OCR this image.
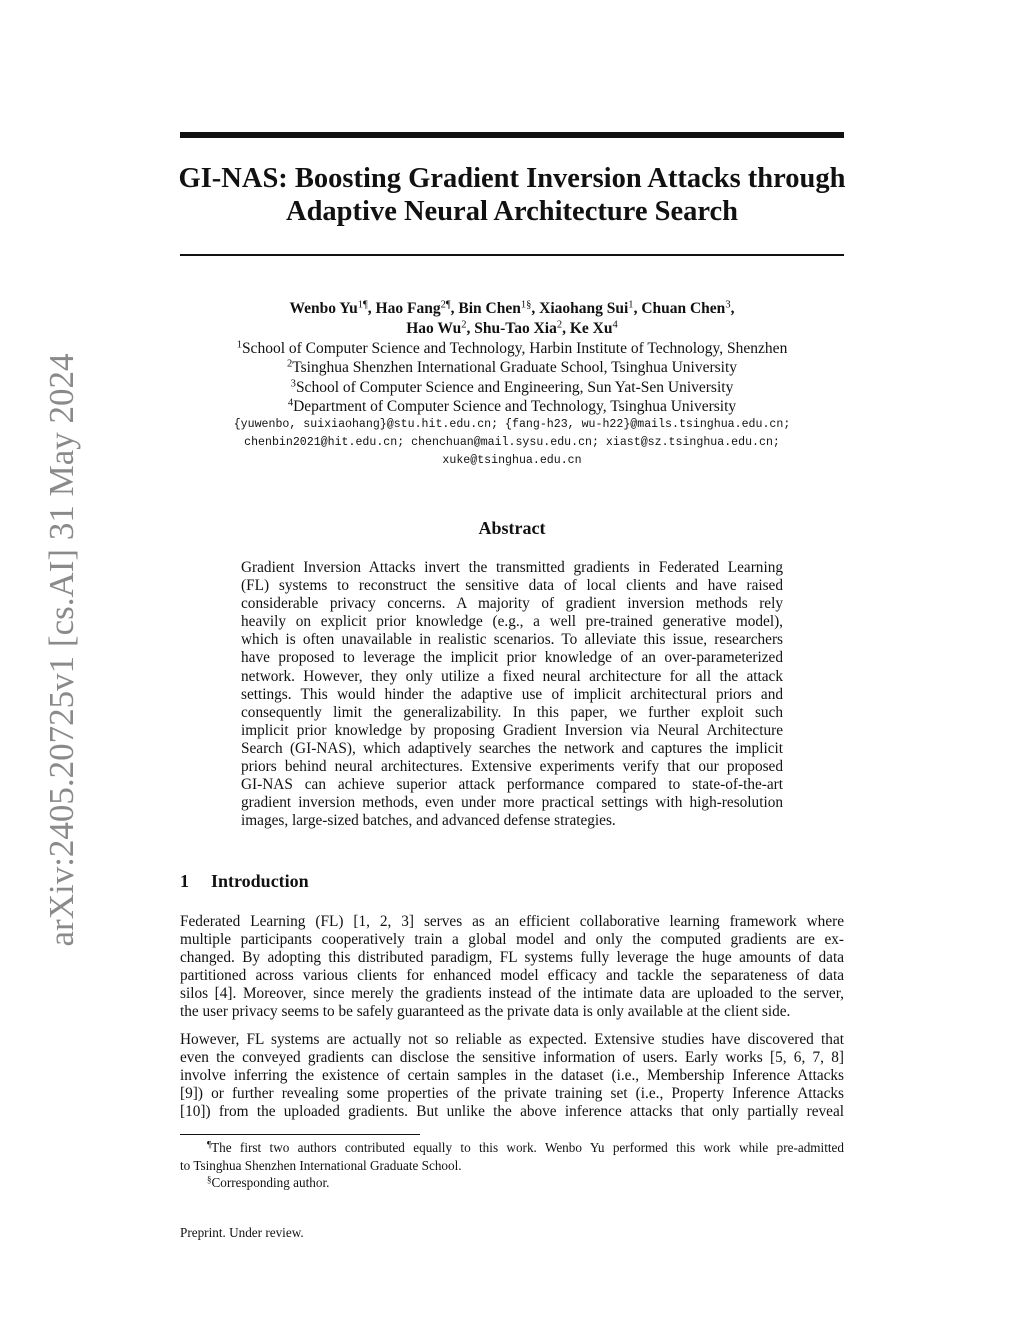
arXiv:2405.20725v1 [cs.AI] 31 May 2024
GI-NAS: Boosting Gradient Inversion Attacks through
Adaptive Neural Architecture Search
Wenbo $Yu^{1\P}$, Hao Fang$^{2\P}$, Bin Chen$^{1\S}$, Xiaohang Sui$^1$, Chuan Chen$^3$,
Hao Wu$^2$, Shu-Tao Xia$^2$, Ke Xu$^4$
$^1$School of Computer Science and Technology, Harbin Institute of Technology, Shenzhen
$^2$Tsinghua Shenzhen International Graduate School, Tsinghua University
$^3$School of Computer Science and Engineering, Sun Yat-Sen University
$^4$Department of Computer Science and Technology, Tsinghua University
{yuwenbo, suixiaohang}@stu.hit.edu.cn; {fang-h23, wu-h22}@mails.tsinghua.edu.cn;
chenbin2021@hit.edu.cn; chenchuan@mail.sysu.edu.cn; xiast@sz.tsinghua.edu.cn;
xuke@tsinghua.edu.cn
Abstract
Gradient Inversion Attacks invert the transmitted gradients in Federated Learning
(FL) systems to reconstruct the sensitive data of local clients and have raised
considerable privacy concerns. A majority of gradient inversion methods rely
heavily on explicit prior knowledge (e.g., a well pre-trained generative model),
which is often unavailable in realistic scenarios. To alleviate this issue, researchers
have proposed to leverage the implicit prior knowledge of an over-parameterized
network. However, they only utilize a fixed neural architecture for all the attack
settings. This would hinder the adaptive use of implicit architectural priors and
consequently limit the generalizability. In this paper, we further exploit such
implicit prior knowledge by proposing Gradient Inversion via Neural Architecture
Search (GI-NAS), which adaptively searches the network and captures the implicit
priors behind neural architectures. Extensive experiments verify that our proposed
GI-NAS can achieve superior attack performance compared to state-of-the-art
gradient inversion methods, even under more practical settings with high-resolution
images, large-sized batches, and advanced defense strategies.
1 Introduction
Federated Learning (FL) [1, 2, 3] serves as an efficient collaborative learning framework where
multiple participants cooperatively train a global model and only the computed gradients are ex-
changed. By adopting this distributed paradigm, FL systems fully leverage the huge amounts of data
partitioned across various clients for enhanced model efficacy and tackle the separateness of data
silos [4]. Moreover, since merely the gradients instead of the intimate data are uploaded to the server,
the user privacy seems to be safely guaranteed as the private data is only available at the client side.
However, FL systems are actually not so reliable as expected. Extensive studies have discovered that
even the conveyed gradients can disclose the sensitive information of users. Early works [5, 6, 7, 8]
involve inferring the existence of certain samples in the dataset (i.e., Membership Inference Attacks
[9]) or further revealing some properties of the private training set (i.e., Property Inference Attacks
[10]) from the uploaded gradients. But unlike the above inference attacks that only partially reveal
¶The first two authors contributed equally to this work. Wenbo Yu performed this work while pre-admitted
to Tsinghua Shenzhen International Graduate School.
§Corresponding author.
Preprint. Under review.
